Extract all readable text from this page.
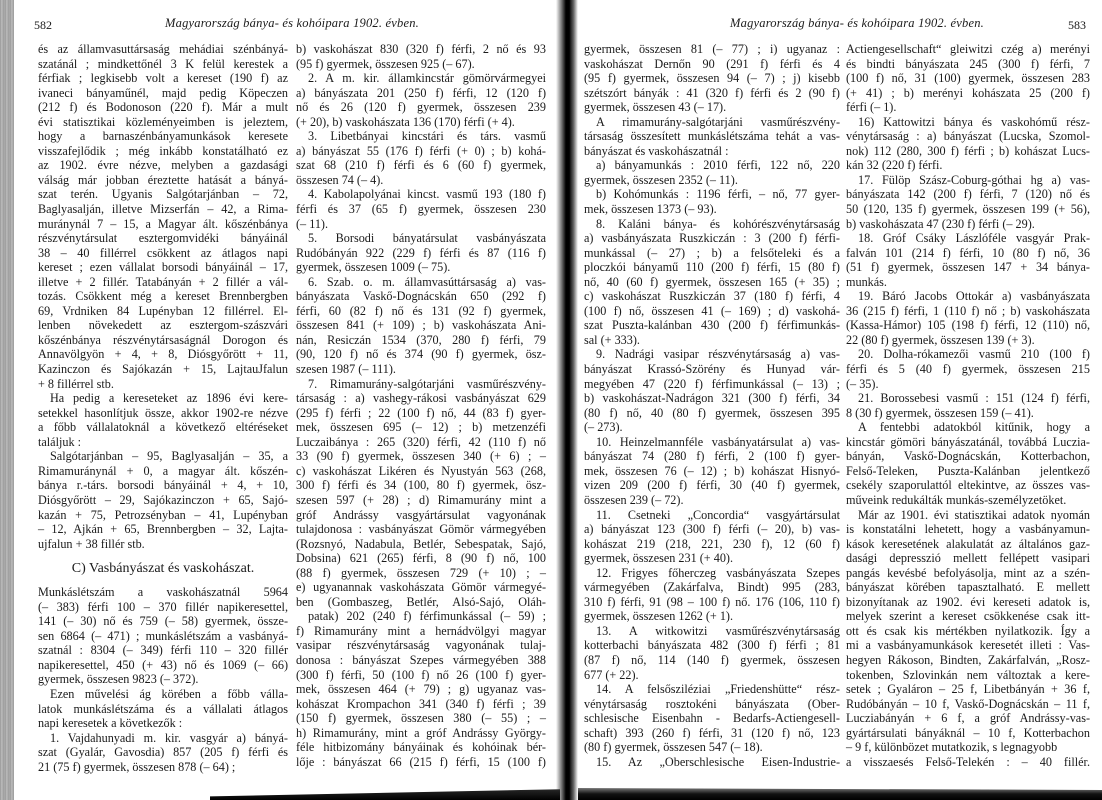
582	Magyarország bánya- és kohóipara 1902. évben.
és az államvasuttársaság mehádiai szénbányá-
szatánál ; mindkettőnél 3 K felül kerestek a
férfiak ; legkisebb volt a kereset (190 f) az
ivaneci bányaműnél, majd pedig Köpeczen
(212 f) és Bodonoson (220 f). Már a mult
évi statisztikai közleményeimben is jeleztem,
hogy a barnaszénbányamunkások keresete
visszafejlődik ; még inkább konstatálható ez
az 1902. évre nézve, melyben a gazdasági
válság már jobban éreztette hatását a bányá-
szat terén. Ugyanis Salgótarjánban – 72,
Baglyasalján, illetve Mizserfán – 42, a Rima-
muránynál 7 – 15, a Magyar ált. kőszénbánya
részvénytársulat esztergomvidéki bányáinál
38 – 40 fillérrel csökkent az átlagos napi
kereset ; ezen vállalat borsodi bányáinál – 17,
illetve + 2 fillér. Tatabányán + 2 fillér a vál-
tozás. Csökkent még a kereset Brennbergben
69, Vrdniken 84 Lupényban 12 fillérrel. El-
lenben növekedett az esztergom-szászvári
kőszénbánya részvénytársaságnál Dorogon és
Annavölgyön + 4, + 8, Diósgyőrött + 11,
Kazinczon és Sajókazán + 15, LajtauJfalun
+ 8 fillérrel stb.
Ha pedig a kereseteket az 1896 évi kere-
setekkel hasonlítjuk össze, akkor 1902-re nézve
a főbb vállalatoknál a következő eltéréseket
találjuk :
Salgótarjánban – 95, Baglyasalján – 35, a
Rimamuránynál + 0, a magyar ált. kőszén-
bánya r.-társ. borsodi bányáinál + 4, + 10,
Diósgyőrött – 29, Sajókazinczon + 65, Sajó-
kazán + 75, Petrozsényban – 41, Lupényban
– 12, Ajkán + 65, Brennbergben – 32, Lajta-
ujfalun + 38 fillér stb.
C) Vasbányászat és vaskohászat.
Munkáslétszám a vaskohászatnál 5964
(– 383) férfi 100 – 370 fillér napikeresettel,
141 (– 30) nő és 759 (– 58) gyermek, össze-
sen 6864 (– 471) ; munkáslétszám a vasbányá-
szatnál : 8304 (– 349) férfi 110 – 320 fillér
napikeresettel, 450 (+ 43) nő és 1069 (– 66)
gyermek, összesen 9823 (– 372).
Ezen művelési ág körében a főbb válla-
latok munkáslétszáma és a vállalati átlagos
napi keresetek a következők :
1. Vajdahunyadi m. kir. vasgyár a) bányá-
szat (Gyalár, Gavosdia) 857 (205 f) férfi és
21 (75 f) gyermek, összesen 878 (– 64) ;
b) vaskohászat 830 (320 f) férfi, 2 nő és 93
(95 f) gyermek, összesen 925 (– 67).
2. A m. kir. államkincstár gömörvármegyei
a) bányászata 201 (250 f) férfi, 12 (120 f)
nő és 26 (120 f) gyermek, összesen 239
(+ 20), b) vaskohászata 136 (170) férfi (+ 4).
3. Libetbányai kincstári és társ. vasmű
a) bányászat 55 (176 f) férfi (+ 0) ; b) kohá-
szat 68 (210 f) férfi és 6 (60 f) gyermek,
összesen 74 (– 4).
4. Kabolapolyánai kincst. vasmű 193 (180 f)
férfi és 37 (65 f) gyermek, összesen 230
(– 11).
5. Borsodi bányatársulat vasbányászata
Rudóbányán 922 (229 f) férfi és 87 (116 f)
gyermek, összesen 1009 (– 75).
6. Szab. o. m. államvasúttársaság a) vas-
bányászata Vaskő-Dognácskán 650 (292 f)
férfi, 60 (82 f) nő és 131 (92 f) gyermek,
összesen 841 (+ 109) ; b) vaskohászata Ani-
nán, Resiczán 1534 (370, 280 f) férfi, 79
(90, 120 f) nő és 374 (90 f) gyermek, ösz-
szesen 1987 (– 111).
7. Rimamurány-salgótarjáni vasműrészvény-
társaság : a) vashegy-rákosi vasbányászat 629
(295 f) férfi ; 22 (100 f) nő, 44 (83 f) gyer-
mek, összesen 695 (– 12) ; b) metzenzéfi
Luczaibánya : 265 (320) férfi, 42 (110 f) nő
33 (90 f) gyermek, összesen 340 (+ 6) ; –
c) vaskohászat Likéren és Nyustyán 563 (268,
300 f) férfi és 34 (100, 80 f) gyermek, ösz-
szesen 597 (+ 28) ; d) Rimamurány mint a
gróf Andrássy vasgyártársulat vagyonának
tulajdonosa : vasbányászat Gömör vármegyében
(Rozsnyó, Nadabula, Betlér, Sebespatak, Sajó,
Dobsina) 621 (265) férfi, 8 (90 f) nő, 100
(88 f) gyermek, összesen 729 (+ 10) ; –
e) ugyanannak vaskohászata Gömör vármegyé-
ben (Gombaszeg, Betlér, Alsó-Sajó, Oláh-
patak) 202 (240 f) férfimunkással (– 59) ;
f) Rimamurány mint a hernádvölgyi magyar
vasipar részvénytársaság vagyonának tulaj-
donosa : bányászat Szepes vármegyében 388
(300 f) férfi, 50 (100 f) nő 26 (100 f) gyer-
mek, összesen 464 (+ 79) ; g) ugyanaz vas-
kohászat Krompachon 341 (340 f) férfi ; 39
(150 f) gyermek, összesen 380 (– 55) ; –
h) Rimamurány, mint a gróf Andrássy György-
féle hitbizomány bányáinak és kohóinak bér-
lője : bányászat 66 (215 f) férfi, 15 (100 f)
Magyarország bánya- és kohóipara 1902. évben.	583
gyermek, összesen 81 (– 77) ; i) ugyanaz :
vaskohászat Dernőn 90 (291 f) férfi és 4
(95 f) gyermek, összesen 94 (– 7) ; j) kisebb
szétszórt bányák : 41 (320 f) férfi és 2 (90 f)
gyermek, összesen 43 (– 17).
A rimamurány-salgótarjáni vasműrészvény-
társaság összesített munkáslétszáma tehát a vas-
bányászat és vaskohászatnál :
a) bányamunkás : 2010 férfi, 122 nő, 220
gyermek, összesen 2352 (– 11).
b) Kohómunkás : 1196 férfi, – nő, 77 gyer-
mek, összesen 1373 (– 93).
8. Kaláni bánya- és kohórészvénytársaság
a) vasbányászata Ruszkiczán : 3 (200 f) férfi-
munkással (– 27) ; b) a felsőteleki és a
ploczkói bányamű 110 (200 f) férfi, 15 (80 f)
nő, 40 (60 f) gyermek, összesen 165 (+ 35) ;
c) vaskohászat Ruszkiczán 37 (180 f) férfi, 4
(100 f) nő, összesen 41 (– 169) ; d) vaskohá-
szat Puszta-kalánban 430 (200 f) férfimunkás-
sal (+ 333).
9. Nadrági vasipar részvénytársaság a) vas-
bányászat Krassó-Szörény és Hunyad vár-
megyében 47 (220 f) férfimunkással (– 13) ;
b) vaskohászat-Nadrágon 321 (300 f) férfi, 34
(80 f) nő, 40 (80 f) gyermek, összesen 395
(– 273).
10. Heinzelmannféle vasbányatársulat a) vas-
bányászat 74 (280 f) férfi, 2 (100 f) gyer-
mek, összesen 76 (– 12) ; b) kohászat Hisnyó-
vizen 209 (200 f) férfi, 30 (40 f) gyermek,
összesen 239 (– 72).
11. Csetneki „Concordia“ vasgyártársulat
a) bányászat 123 (300 f) férfi (– 20), b) vas-
kohászat 219 (218, 221, 230 f), 12 (60 f)
gyermek, összesen 231 (+ 40).
12. Frigyes főherczeg vasbányászata Szepes
vármegyében (Zakárfalva, Bindt) 995 (283,
310 f) férfi, 91 (98 – 100 f) nő. 176 (106, 110 f)
gyermek, összesen 1262 (+ 1).
13. A witkowitzi vasműrészvénytársaság
kotterbachi bányászata 482 (300 f) férfi ; 81
(87 f) nő, 114 (140 f) gyermek, összesen
677 (+ 22).
14. A felsősziléziai „Friedenshütte“ rész-
vénytársaság rosztokéni bányászata (Ober-
schlesische Eisenbahn - Bedarfs-Actiengesell-
schaft) 393 (260 f) férfi, 31 (120 f) nő, 123
(80 f) gyermek, összesen 547 (– 18).
15. Az „Oberschlesische Eisen-Industrie-
Actiengesellschaft“ gleiwitzi czég a) merényi
és bindti bányászata 245 (300 f) férfi, 7
(100 f) nő, 31 (100) gyermek, összesen 283
(+ 41) ; b) merényi kohászata 25 (200 f)
férfi (– 1).
16) Kattowitzi bánya és vaskohómű rész-
vénytársaság : a) bányászat (Lucska, Szomol-
nok) 112 (280, 300 f) férfi ; b) kohászat Lucs-
kán 32 (220 f) férfi.
17. Fülöp Szász-Coburg-góthai hg a) vas-
bányászata 142 (200 f) férfi, 7 (120) nő és
50 (120, 135 f) gyermek, összesen 199 (+ 56),
b) vaskohászata 47 (230 f) férfi (– 29).
18. Gróf Csáky Lászlóféle vasgyár Prak-
falván 101 (214 f) férfi, 10 (80 f) nő, 36
(51 f) gyermek, összesen 147 + 34 bánya-
munkás.
19. Báró Jacobs Ottokár a) vasbányászata
36 (215 f) férfi, 1 (110 f) nő ; b) vaskohászata
(Kassa-Hámor) 105 (198 f) férfi, 12 (110) nő,
22 (80 f) gyermek, összesen 139 (+ 3).
20. Dolha-rókamezői vasmű 210 (100 f)
férfi és 5 (40 f) gyermek, összesen 215
(– 35).
21. Borossebesi vasmű : 151 (124 f) férfi,
8 (30 f) gyermek, összesen 159 (– 41).
A fentebbi adatokból kitűnik, hogy a
kincstár gömöri bányászatánál, továbbá Luczia-
bányán, Vaskő-Dognácskán, Kotterbachon,
Felső-Teleken, Puszta-Kalánban jelentkező
csekély szaporulattól eltekintve, az összes vas-
műveink redukálták munkás-személyzetöket.
Már az 1901. évi statisztikai adatok nyomán
is konstatálni lehetett, hogy a vasbányamun-
kások keresetének alakulatát az általános gaz-
dasági depresszió mellett fellépett vasipari
pangás kevésbé befolyásolja, mint az a szén-
bányászat körében tapasztalható. E mellett
bizonyítanak az 1902. évi kereseti adatok is,
melyek szerint a kereset csökkenése csak itt-
ott és csak kis mértékben nyilatkozik. Így a
mi a vasbányamunkások keresetét illeti : Vas-
hegyen Rákoson, Bindten, Zakárfalván, „Rosz-
tokenben, Szlovinkán nem változtak a kere-
setek ; Gyaláron – 25 f, Libetbányán + 36 f,
Rudóbányán – 10 f, Vaskő-Dognácskán – 11 f,
Lucziabányán + 6 f, a gróf Andrássy-vas-
gyártársulati bányáknál – 10 f, Kotterbachon
– 9 f, különbözet mutatkozik, s legnagyobb
a visszaesés Felső-Telekén : – 40 fillér.
